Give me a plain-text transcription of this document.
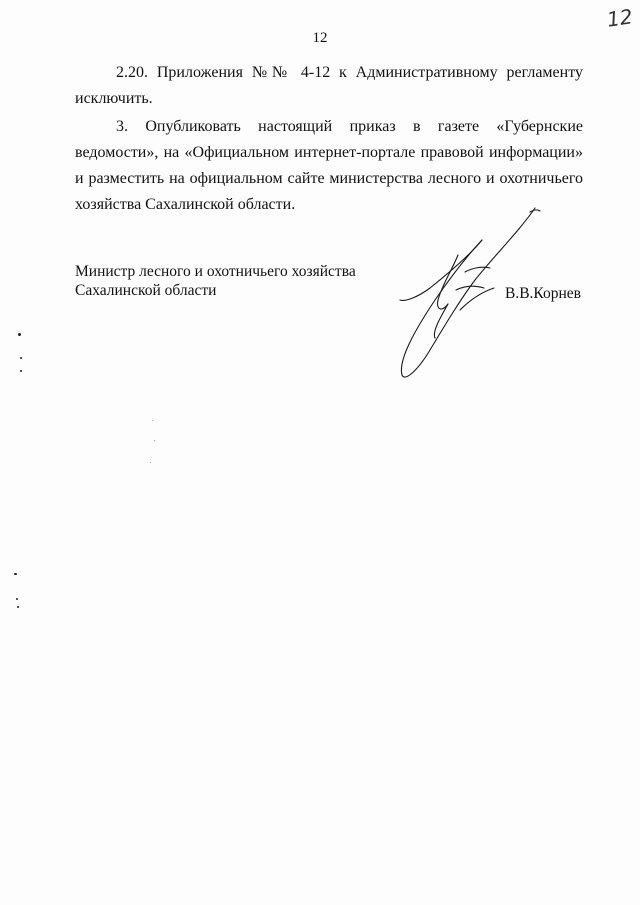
12
12
2.20. Приложения №№ 4-12 к Административному регламенту исключить.
3. Опубликовать настоящий приказ в газете «Губернские ведомости», на «Официальном интернет-портале правовой информации» и разместить на официальном сайте министерства лесного и охотничьего хозяйства Сахалинской области.
Министр лесного и охотничьего хозяйства
Сахалинской области	В.В.Корнев
